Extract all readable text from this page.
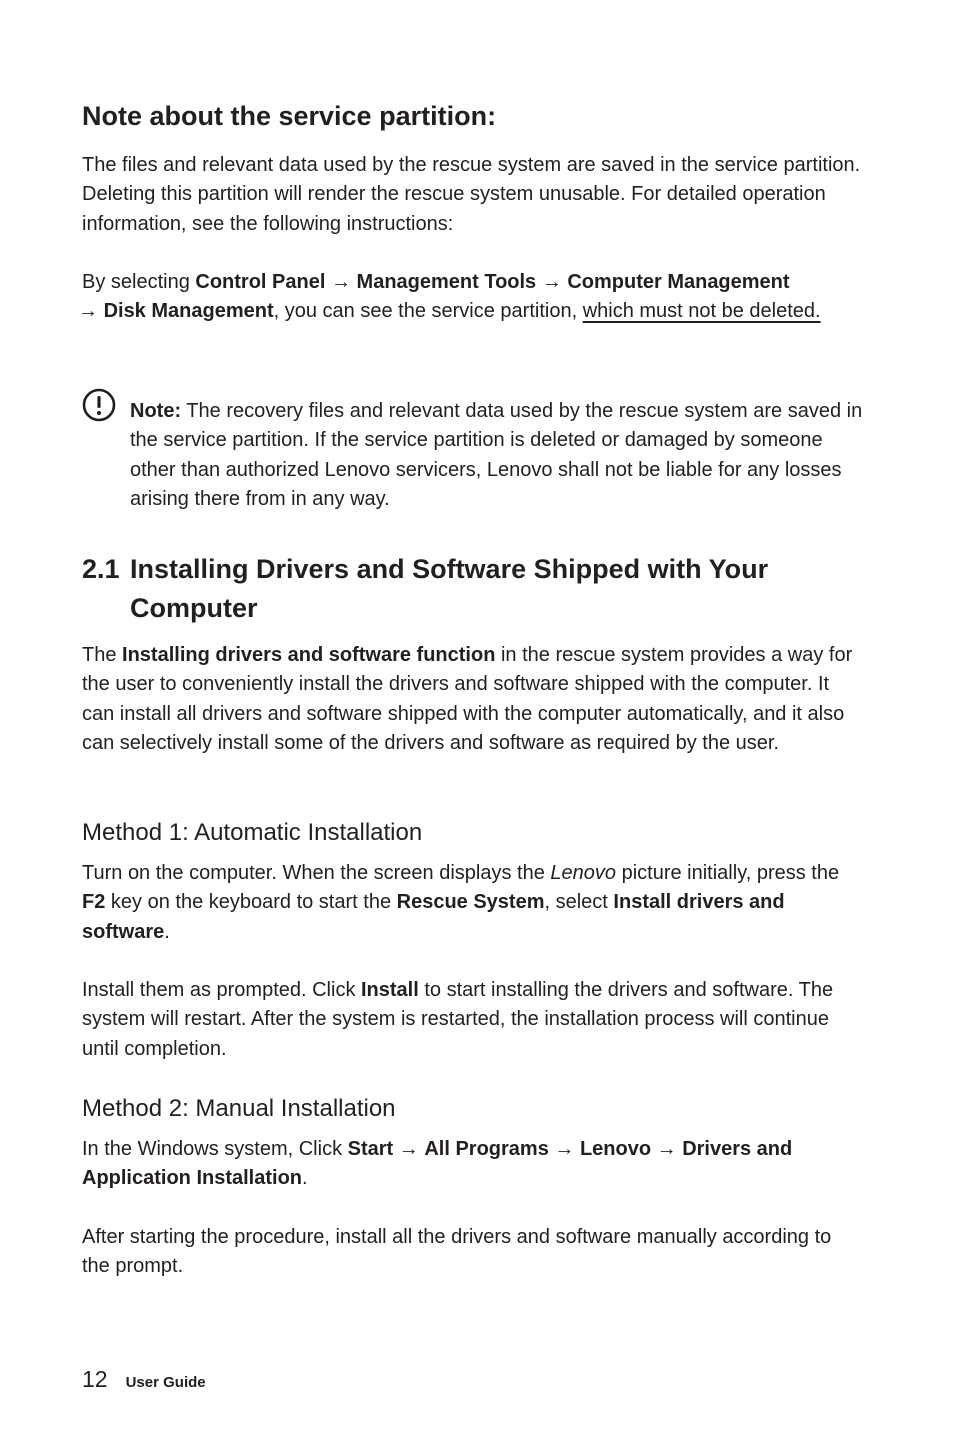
Note about the service partition:

The files and relevant data used by the rescue system are saved in the service partition. Deleting this partition will render the rescue system unusable. For detailed operation information, see the following instructions:

By selecting Control Panel → Management Tools → Computer Management
→ Disk Management, you can see the service partition, which must not be deleted.

Note: The recovery files and relevant data used by the rescue system are saved in the service partition. If the service partition is deleted or damaged by someone other than authorized Lenovo servicers, Lenovo shall not be liable for any losses arising there from in any way.

2.1 Installing Drivers and Software Shipped with Your Computer

The Installing drivers and software function in the rescue system provides a way for the user to conveniently install the drivers and software shipped with the computer. It can install all drivers and software shipped with the computer automatically, and it also can selectively install some of the drivers and software as required by the user.

Method 1: Automatic Installation

Turn on the computer. When the screen displays the Lenovo picture initially, press the F2 key on the keyboard to start the Rescue System, select Install drivers and software.

Install them as prompted. Click Install to start installing the drivers and software. The system will restart. After the system is restarted, the installation process will continue until completion.

Method 2: Manual Installation

In the Windows system, Click Start → All Programs → Lenovo → Drivers and Application Installation.

After starting the procedure, install all the drivers and software manually according to the prompt.

12 User Guide
